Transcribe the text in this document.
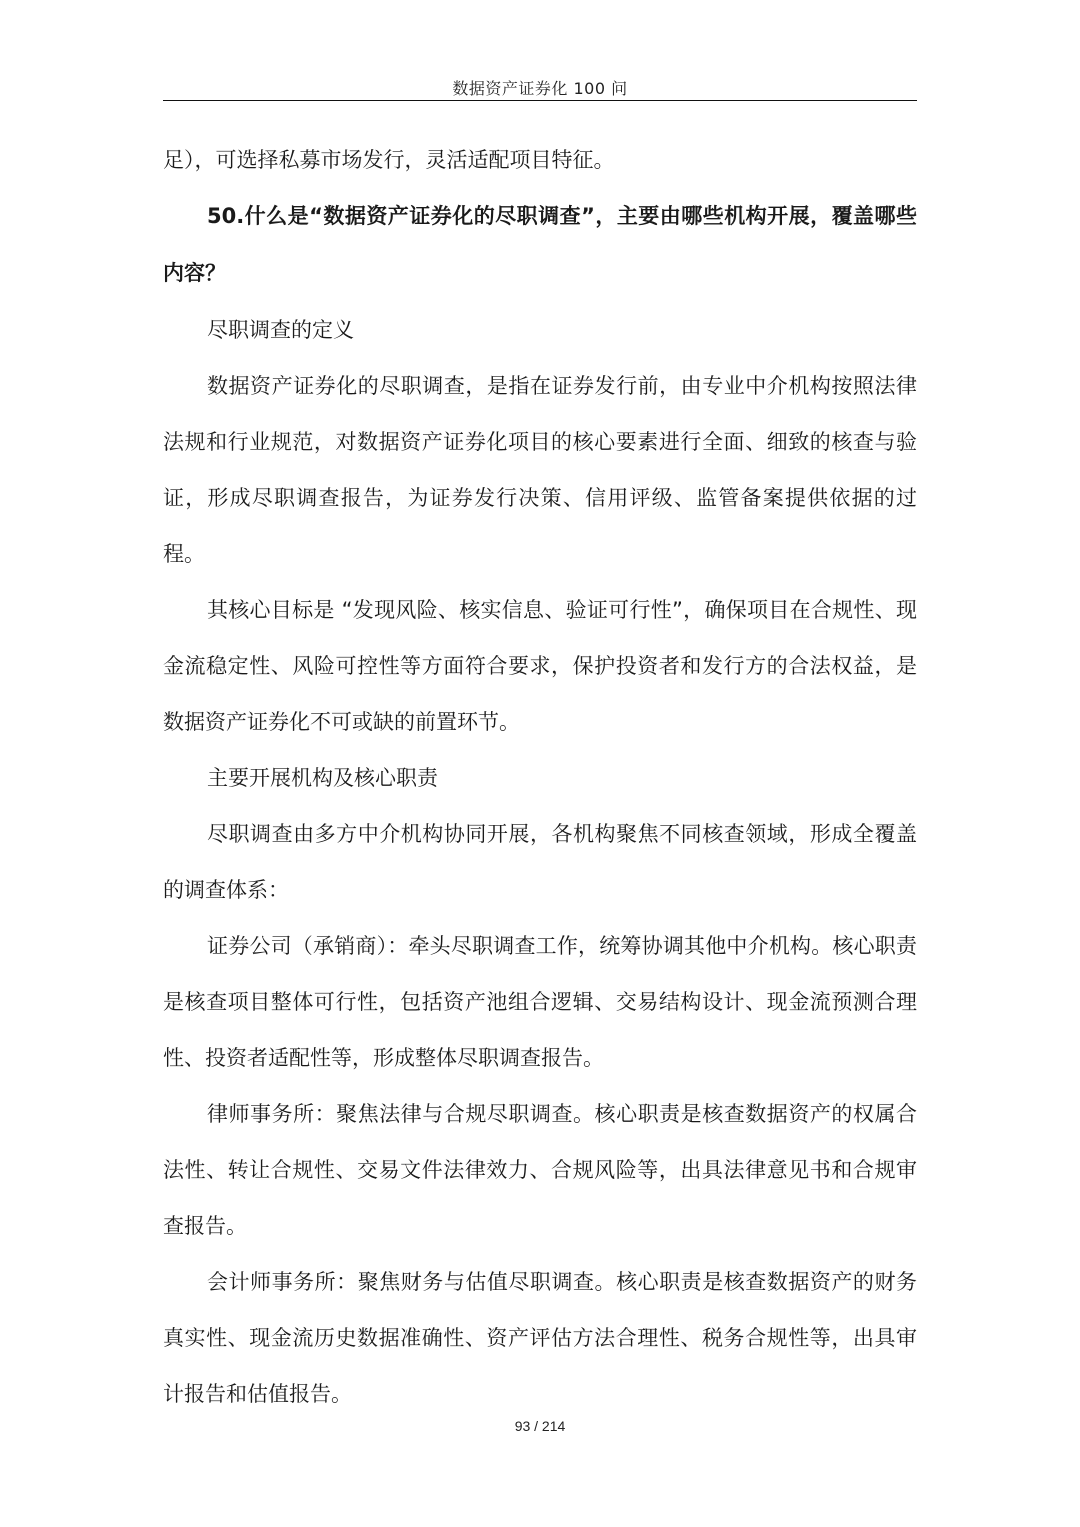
数据资产证券化 100 问

足），可选择私募市场发行，灵活适配项目特征。

50.什么是“数据资产证券化的尽职调查”，主要由哪些机构开展，覆盖哪些内容？

尽职调查的定义

数据资产证券化的尽职调查，是指在证券发行前，由专业中介机构按照法律法规和行业规范，对数据资产证券化项目的核心要素进行全面、细致的核查与验证，形成尽职调查报告，为证券发行决策、信用评级、监管备案提供依据的过程。

其核心目标是 “发现风险、核实信息、验证可行性”，确保项目在合规性、现金流稳定性、风险可控性等方面符合要求，保护投资者和发行方的合法权益，是数据资产证券化不可或缺的前置环节。

主要开展机构及核心职责

尽职调查由多方中介机构协同开展，各机构聚焦不同核查领域，形成全覆盖的调查体系：

证券公司（承销商）：牵头尽职调查工作，统筹协调其他中介机构。核心职责是核查项目整体可行性，包括资产池组合逻辑、交易结构设计、现金流预测合理性、投资者适配性等，形成整体尽职调查报告。

律师事务所：聚焦法律与合规尽职调查。核心职责是核查数据资产的权属合法性、转让合规性、交易文件法律效力、合规风险等，出具法律意见书和合规审查报告。

会计师事务所：聚焦财务与估值尽职调查。核心职责是核查数据资产的财务真实性、现金流历史数据准确性、资产评估方法合理性、税务合规性等，出具审计报告和估值报告。

93 / 214
